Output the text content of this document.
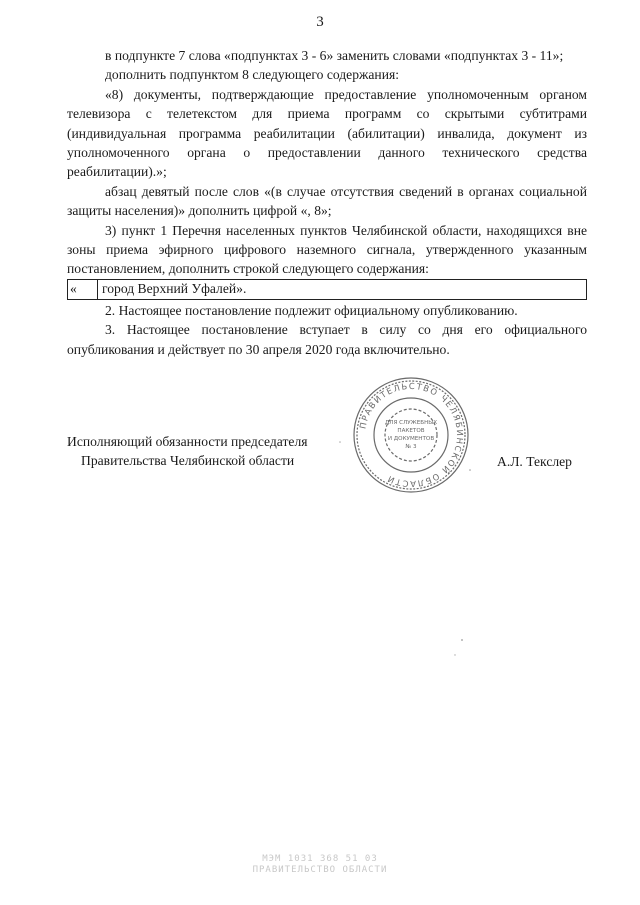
3

в подпункте 7 слова «подпунктах 3 - 6» заменить словами «подпунктах 3 - 11»;

дополнить подпунктом 8 следующего содержания:

«8) документы, подтверждающие предоставление уполномоченным органом телевизора с телетекстом для приема программ со скрытыми субтитрами (индивидуальная программа реабилитации (абилитации) инвалида, документ из уполномоченного органа о предоставлении данного технического средства реабилитации).»;

абзац девятый после слов «(в случае отсутствия сведений в органах социальной защиты населения)» дополнить цифрой «, 8»;

3) пункт 1 Перечня населенных пунктов Челябинской области, находящихся вне зоны приема эфирного цифрового наземного сигнала, утвержденного указанным постановлением, дополнить строкой следующего содержания:

«	город Верхний Уфалей».

2. Настоящее постановление подлежит официальному опубликованию.

3. Настоящее постановление вступает в силу со дня его официального опубликования и действует по 30 апреля 2020 года включительно.

Исполняющий обязанности председателя
Правительства Челябинской области
ПРАВИТЕЛЬСТВО ЧЕЛЯБИНСКОЙ ОБЛАСТИ
ДЛЯ СЛУЖЕБНЫХ
ПАКЕТОВ
И ДОКУМЕНТОВ
№ 3
А.Л. Текслер
МЭМ 1031 368 51 03
ПРАВИТЕЛЬСТВО ОБЛАСТИ
